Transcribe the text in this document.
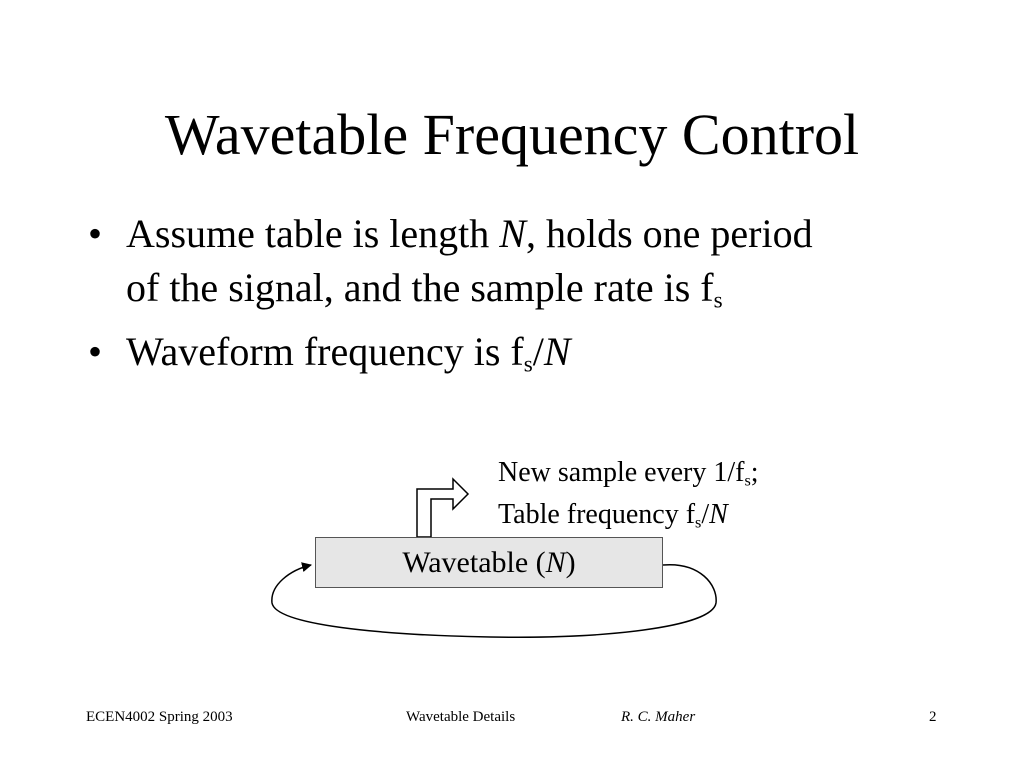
Wavetable Frequency Control
• Assume table is length N, holds one period
of the signal, and the sample rate is $f_s$
• Waveform frequency is $f_s/N$
Wavetable (N)
New sample every $1/f_s$;
Table frequency $f_s/N$
ECEN4002 Spring 2003	Wavetable Details	R. C. Maher	2
